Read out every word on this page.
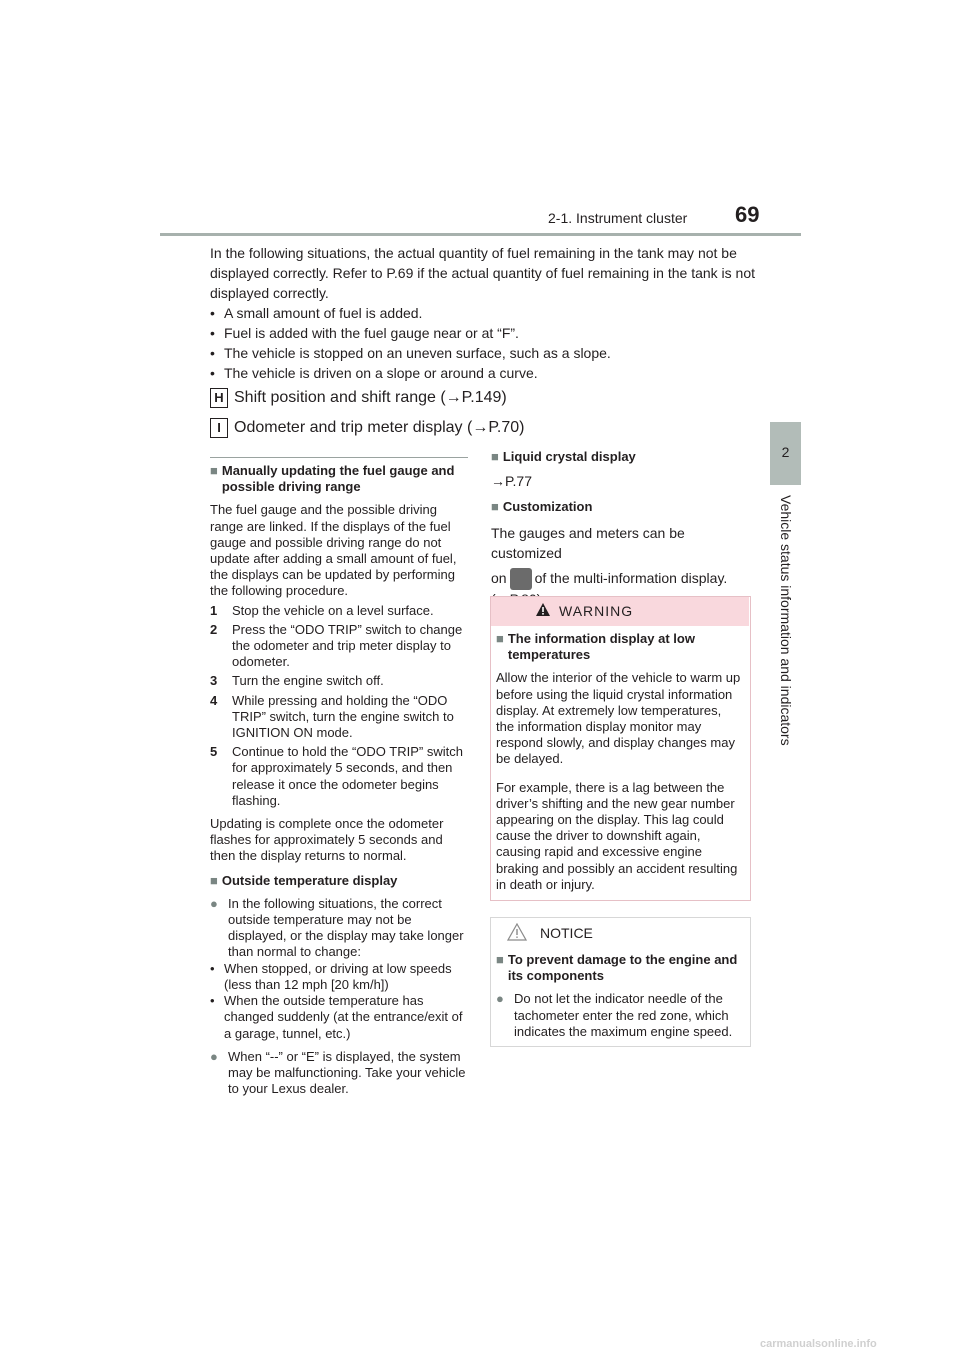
2-1. Instrument cluster 69
2
Vehicle status information and indicators

In the following situations, the actual quantity of fuel remaining in the tank may not be displayed correctly. Refer to P.69 if the actual quantity of fuel remaining in the tank is not displayed correctly.

• A small amount of fuel is added.
• Fuel is added with the fuel gauge near or at “F”.
• The vehicle is stopped on an uneven surface, such as a slope.
• The vehicle is driven on a slope or around a curve.
H Shift position and shift range (→P.149)
I Odometer and trip meter display (→P.70)
■ Manually updating the fuel gauge and possible driving range

The fuel gauge and the possible driving range are linked. If the displays of the fuel gauge and possible driving range do not update after adding a small amount of fuel, the displays can be updated by performing the following procedure.

1	Stop the vehicle on a level surface.
2	Press the “ODO TRIP” switch to change the odometer and trip meter display to odometer.
3	Turn the engine switch off.
4	While pressing and holding the “ODO TRIP” switch, turn the engine switch to IGNITION ON mode.
5	Continue to hold the “ODO TRIP” switch for approximately 5 seconds, and then release it once the odometer begins flashing.

Updating is complete once the odometer flashes for approximately 5 seconds and then the display returns to normal.

■ Outside temperature display
● In the following situations, the correct outside temperature may not be displayed, or the display may take longer than normal to change:
• When stopped, or driving at low speeds (less than 12 mph [20 km/h])
• When the outside temperature has changed suddenly (at the entrance/exit of a garage, tunnel, etc.)
● When “--” or “E” is displayed, the system may be malfunctioning. Take your vehicle to your Lexus dealer.
■ Liquid crystal display

→P.77

■ Customization

The gauges and meters can be customized

on of the multi-information display.

WARNING
■ The information display at low temperatures

Allow the interior of the vehicle to warm up before using the liquid crystal information display. At extremely low temperatures, the information display monitor may respond slowly, and display changes may be delayed.

For example, there is a lag between the driver’s shifting and the new gear number appearing on the display. This lag could cause the driver to downshift again, causing rapid and excessive engine braking and possibly an accident resulting in death or injury.

NOTICE
■ To prevent damage to the engine and its components
● Do not let the indicator needle of the tachometer enter the red zone, which indicates the maximum engine speed.
carmanualsonline.info
